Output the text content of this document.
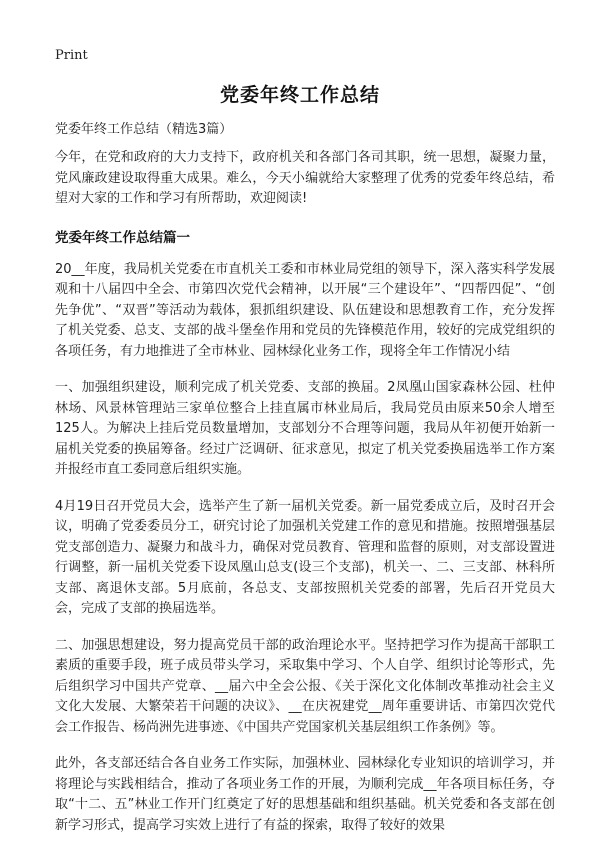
Print
党委年终工作总结
党委年终工作总结（精选3篇）

今年，在党和政府的大力支持下，政府机关和各部门各司其职，统一思想，凝聚力量，党风廉政建设取得重大成果。难么，今天小编就给大家整理了优秀的党委年终总结，希望对大家的工作和学习有所帮助，欢迎阅读!

党委年终工作总结篇一

20__年度，我局机关党委在市直机关工委和市林业局党组的领导下，深入落实科学发展观和十八届四中全会、市第四次党代会精神，以开展“三个建设年”、“四帮四促”、“创先争优”、“双晋”等活动为载体，狠抓组织建设、队伍建设和思想教育工作，充分发挥了机关党委、总支、支部的战斗堡垒作用和党员的先锋模范作用，较好的完成党组织的各项任务，有力地推进了全市林业、园林绿化业务工作，现将全年工作情况小结

一、加强组织建设，顺利完成了机关党委、支部的换届。2凤凰山国家森林公园、杜仲林场、风景林管理站三家单位整合上挂直属市林业局后，我局党员由原来50余人增至125人。为解决上挂后党员数量增加，支部划分不合理等问题，我局从年初便开始新一届机关党委的换届筹备。经过广泛调研、征求意见，拟定了机关党委换届选举工作方案并报经市直工委同意后组织实施。

4月19日召开党员大会，选举产生了新一届机关党委。新一届党委成立后，及时召开会议，明确了党委委员分工，研究讨论了加强机关党建工作的意见和措施。按照增强基层党支部创造力、凝聚力和战斗力，确保对党员教育、管理和监督的原则，对支部设置进行调整，新一届机关党委下设凤凰山总支(设三个支部)，机关一、二、三支部、林科所支部、离退休支部。5月底前，各总支、支部按照机关党委的部署，先后召开党员大会，完成了支部的换届选举。

二、加强思想建设，努力提高党员干部的政治理论水平。坚持把学习作为提高干部职工素质的重要手段，班子成员带头学习，采取集中学习、个人自学、组织讨论等形式，先后组织学习中国共产党章、__届六中全会公报、《关于深化文化体制改革推动社会主义文化大发展、大繁荣若干问题的决议》、__在庆祝建党__周年重要讲话、市第四次党代会工作报告、杨尚洲先进事迹、《中国共产党国家机关基层组织工作条例》等。

此外，各支部还结合各自业务工作实际，加强林业、园林绿化专业知识的培训学习，并将理论与实践相结合，推动了各项业务工作的开展，为顺利完成__年各项目标任务，夺取“十二、五”林业工作开门红奠定了好的思想基础和组织基础。机关党委和各支部在创新学习形式，提高学习实效上进行了有益的探索，取得了较好的效果
